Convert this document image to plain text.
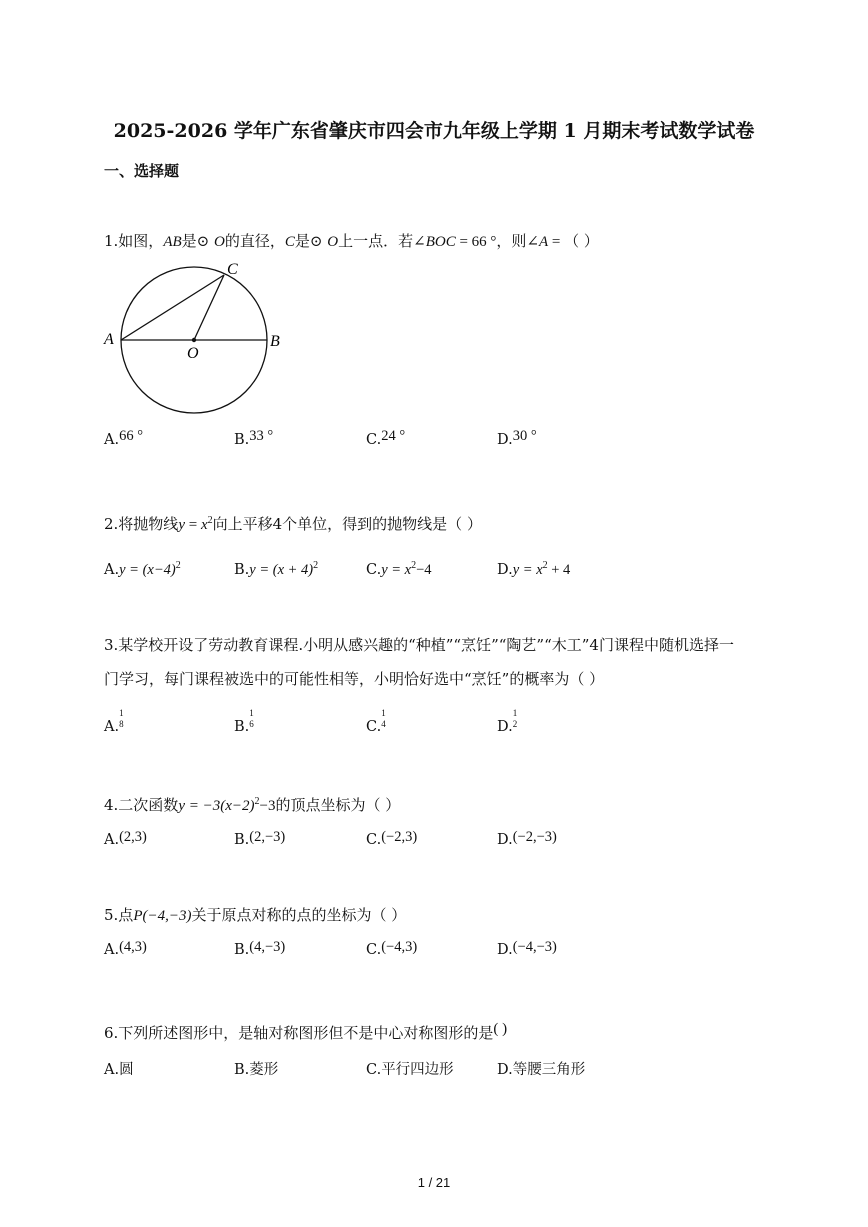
2025-2026 学年广东省肇庆市四会市九年级上学期 1 月期末考试数学试卷
一、选择题
1.如图，AB是⊙ O的直径，C是⊙ O上一点．若∠BOC = 66 °，则∠A = （ ）
A	B
C
O
A.66 °	B.33 °	C.24 °	D.30 °
2.将抛物线$y = x^2$向上平移4个单位，得到的抛物线是（ ）
$A.y = (x-4)^2$	$B.y = (x + 4)^2$	$C.y = x^2-4$	$D.y = x^2 + 4$
3.某学校开设了劳动教育课程.小明从感兴趣的“种植”“烹饪”“陶艺”“木工”4门课程中随机选择一
门学习，每门课程被选中的可能性相等，小明恰好选中“烹饪”的概率为（ ）
A.
1
8	B.
1
6	C.
1
4	D.
1
2
4.二次函数$y = -3(x-2)^2-3$的顶点坐标为（ ）
A.(2,3)	B.(2,−3)	C.(−2,3)	D.(−2,−3)
5.点P(−4,−3)关于原点对称的点的坐标为（ ）
A.(4,3)	B.(4,−3)	C.(−4,3)	D.(−4,−3)
6.下列所述图形中，是轴对称图形但不是中心对称图形的是( )
A.圆	B.菱形	C.平行四边形	D.等腰三角形
1 / 21
